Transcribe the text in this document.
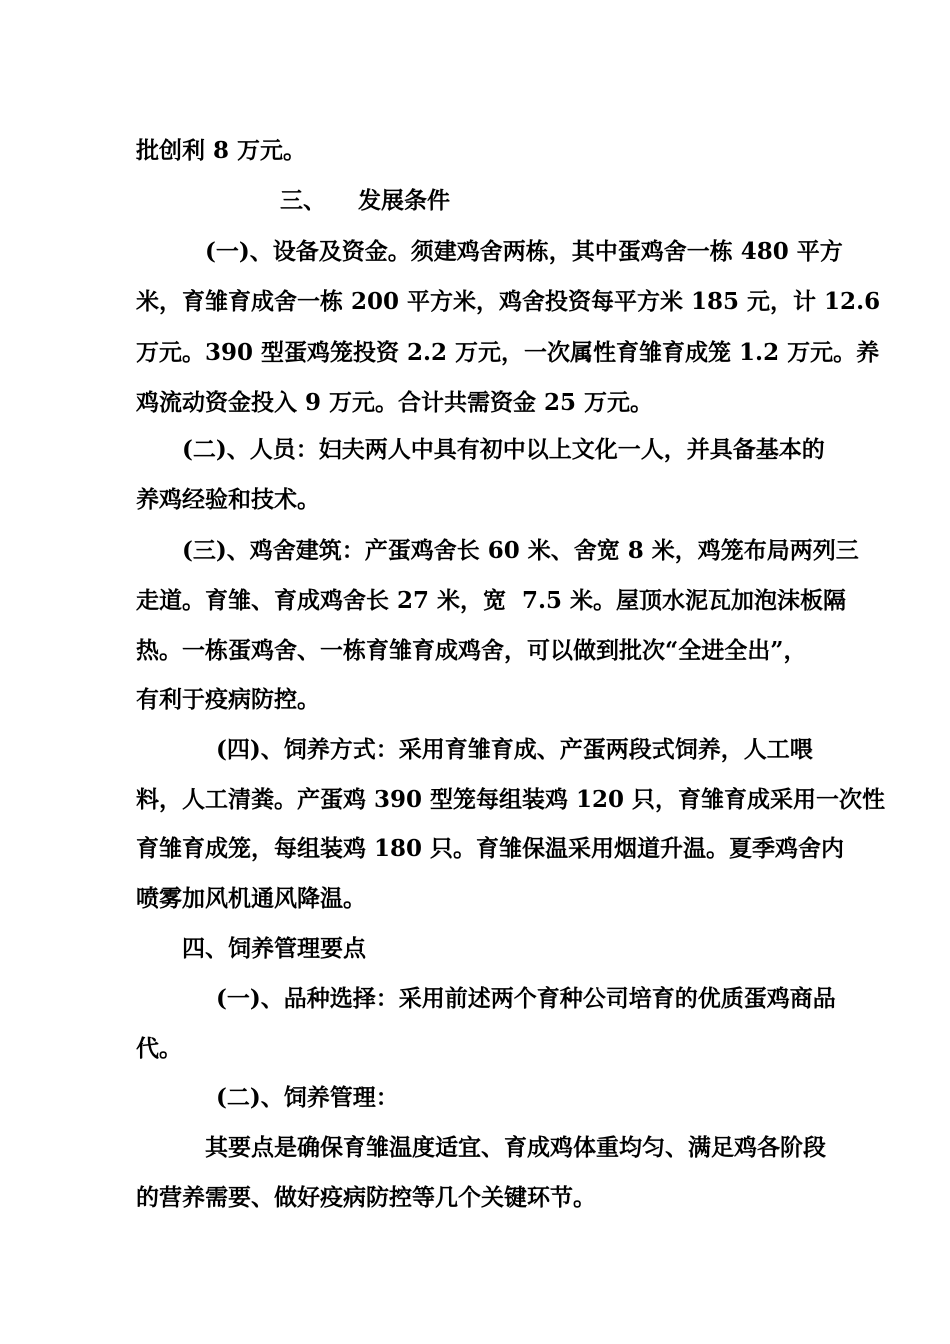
批创利 8 万元。
三、    发展条件
(一)、设备及资金。须建鸡舍两栋，其中蛋鸡舍一栋 480 平方
米，育雏育成舍一栋 200 平方米，鸡舍投资每平方米 185 元，计 12.6
万元。390 型蛋鸡笼投资 2.2 万元，一次属性育雏育成笼 1.2 万元。养
鸡流动资金投入 9 万元。合计共需资金 25 万元。
(二)、人员：妇夫两人中具有初中以上文化一人，并具备基本的
养鸡经验和技术。
(三)、鸡舍建筑：产蛋鸡舍长 60 米、舍宽 8 米，鸡笼布局两列三
走道。育雏、育成鸡舍长 27 米，宽  7.5 米。屋顶水泥瓦加泡沫板隔
热。一栋蛋鸡舍、一栋育雏育成鸡舍，可以做到批次“全进全出”，
有利于疫病防控。
(四)、饲养方式：采用育雏育成、产蛋两段式饲养，人工喂
料，人工清粪。产蛋鸡 390 型笼每组装鸡 120 只，育雏育成采用一次性
育雏育成笼，每组装鸡 180 只。育雏保温采用烟道升温。夏季鸡舍内
喷雾加风机通风降温。
四、饲养管理要点
(一)、品种选择：采用前述两个育种公司培育的优质蛋鸡商品
代。
(二)、饲养管理：
其要点是确保育雏温度适宜、育成鸡体重均匀、满足鸡各阶段
的营养需要、做好疫病防控等几个关键环节。
